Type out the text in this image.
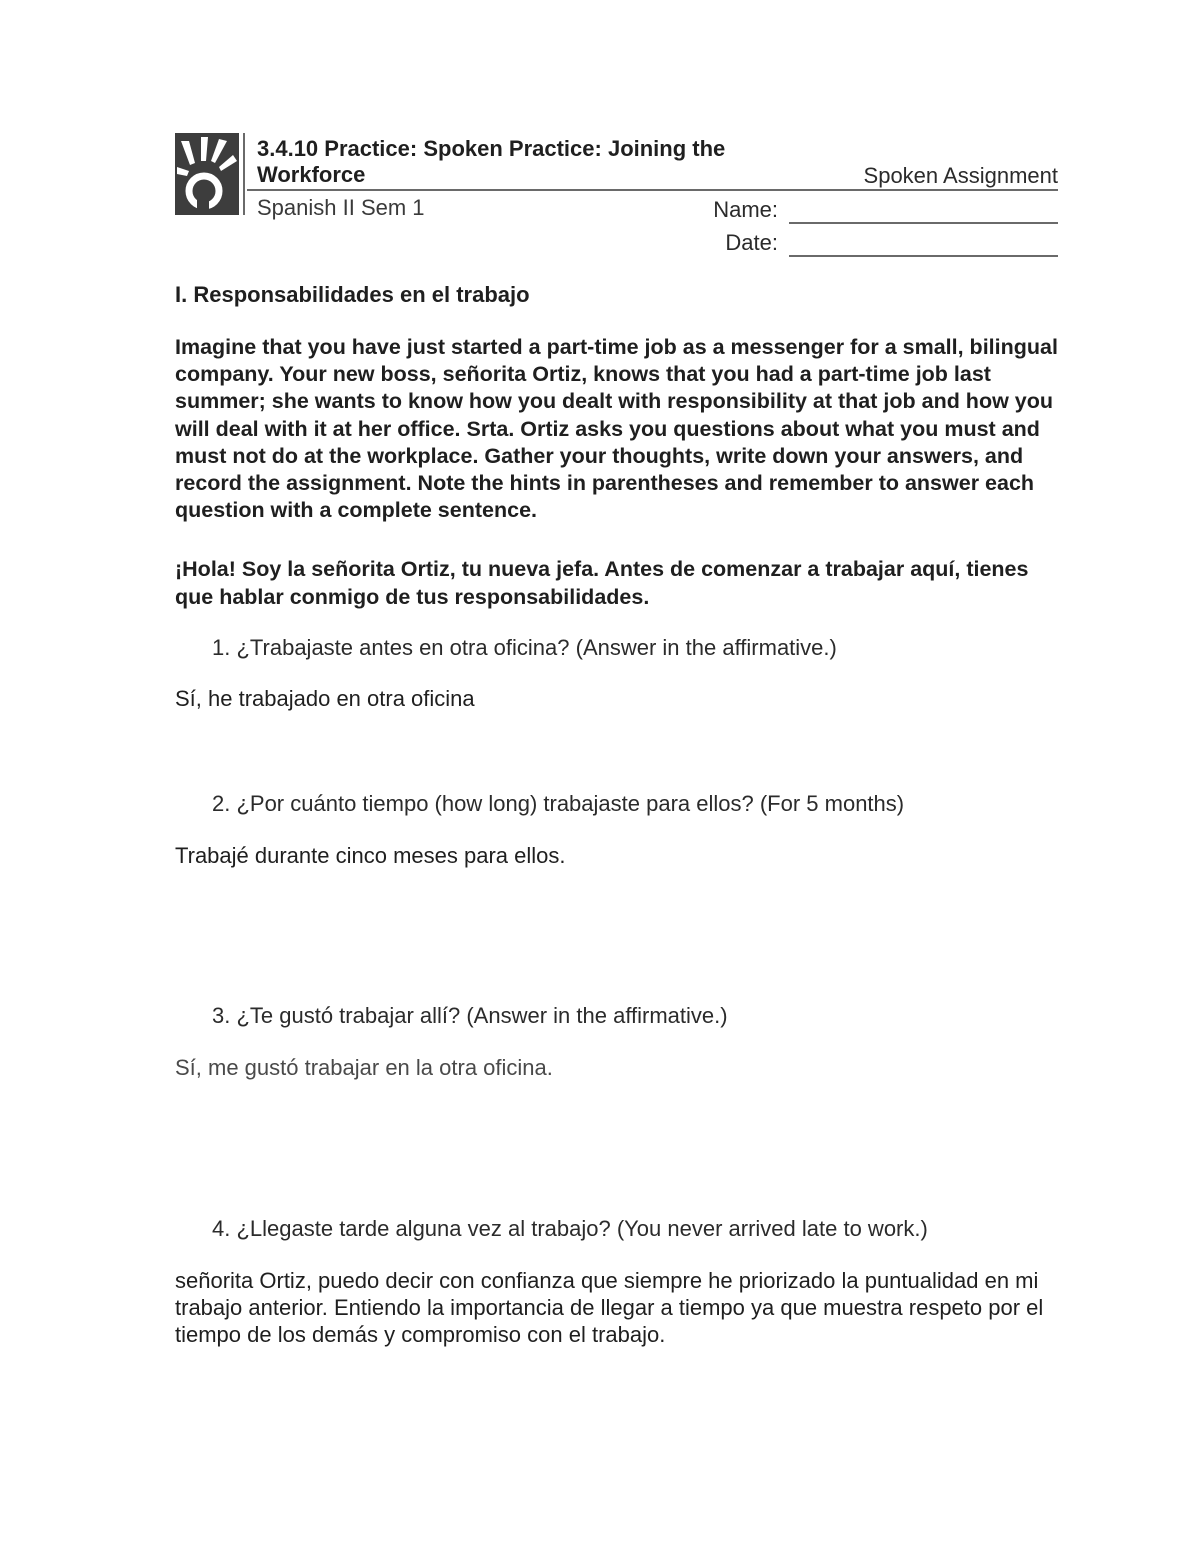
3.4.10 Practice: Spoken Practice: Joining the Workforce	Spoken Assignment
Spanish II Sem 1	Name:
Date:
I. Responsabilidades en el trabajo

Imagine that you have just started a part-time job as a messenger for a small, bilingual company. Your new boss, señorita Ortiz, knows that you had a part-time job last summer; she wants to know how you dealt with responsibility at that job and how you will deal with it at her office. Srta. Ortiz asks you questions about what you must and must not do at the workplace. Gather your thoughts, write down your answers, and record the assignment. Note the hints in parentheses and remember to answer each question with a complete sentence.

¡Hola! Soy la señorita Ortiz, tu nueva jefa. Antes de comenzar a trabajar aquí, tienes que hablar conmigo de tus responsabilidades.

1. ¿Trabajaste antes en otra oficina? (Answer in the affirmative.)

Sí, he trabajado en otra oficina

2. ¿Por cuánto tiempo (how long) trabajaste para ellos? (For 5 months)

Trabajé durante cinco meses para ellos.

3. ¿Te gustó trabajar allí? (Answer in the affirmative.)

Sí, me gustó trabajar en la otra oficina.

4. ¿Llegaste tarde alguna vez al trabajo? (You never arrived late to work.)

señorita Ortiz, puedo decir con confianza que siempre he priorizado la puntualidad en mi trabajo anterior. Entiendo la importancia de llegar a tiempo ya que muestra respeto por el tiempo de los demás y compromiso con el trabajo.
